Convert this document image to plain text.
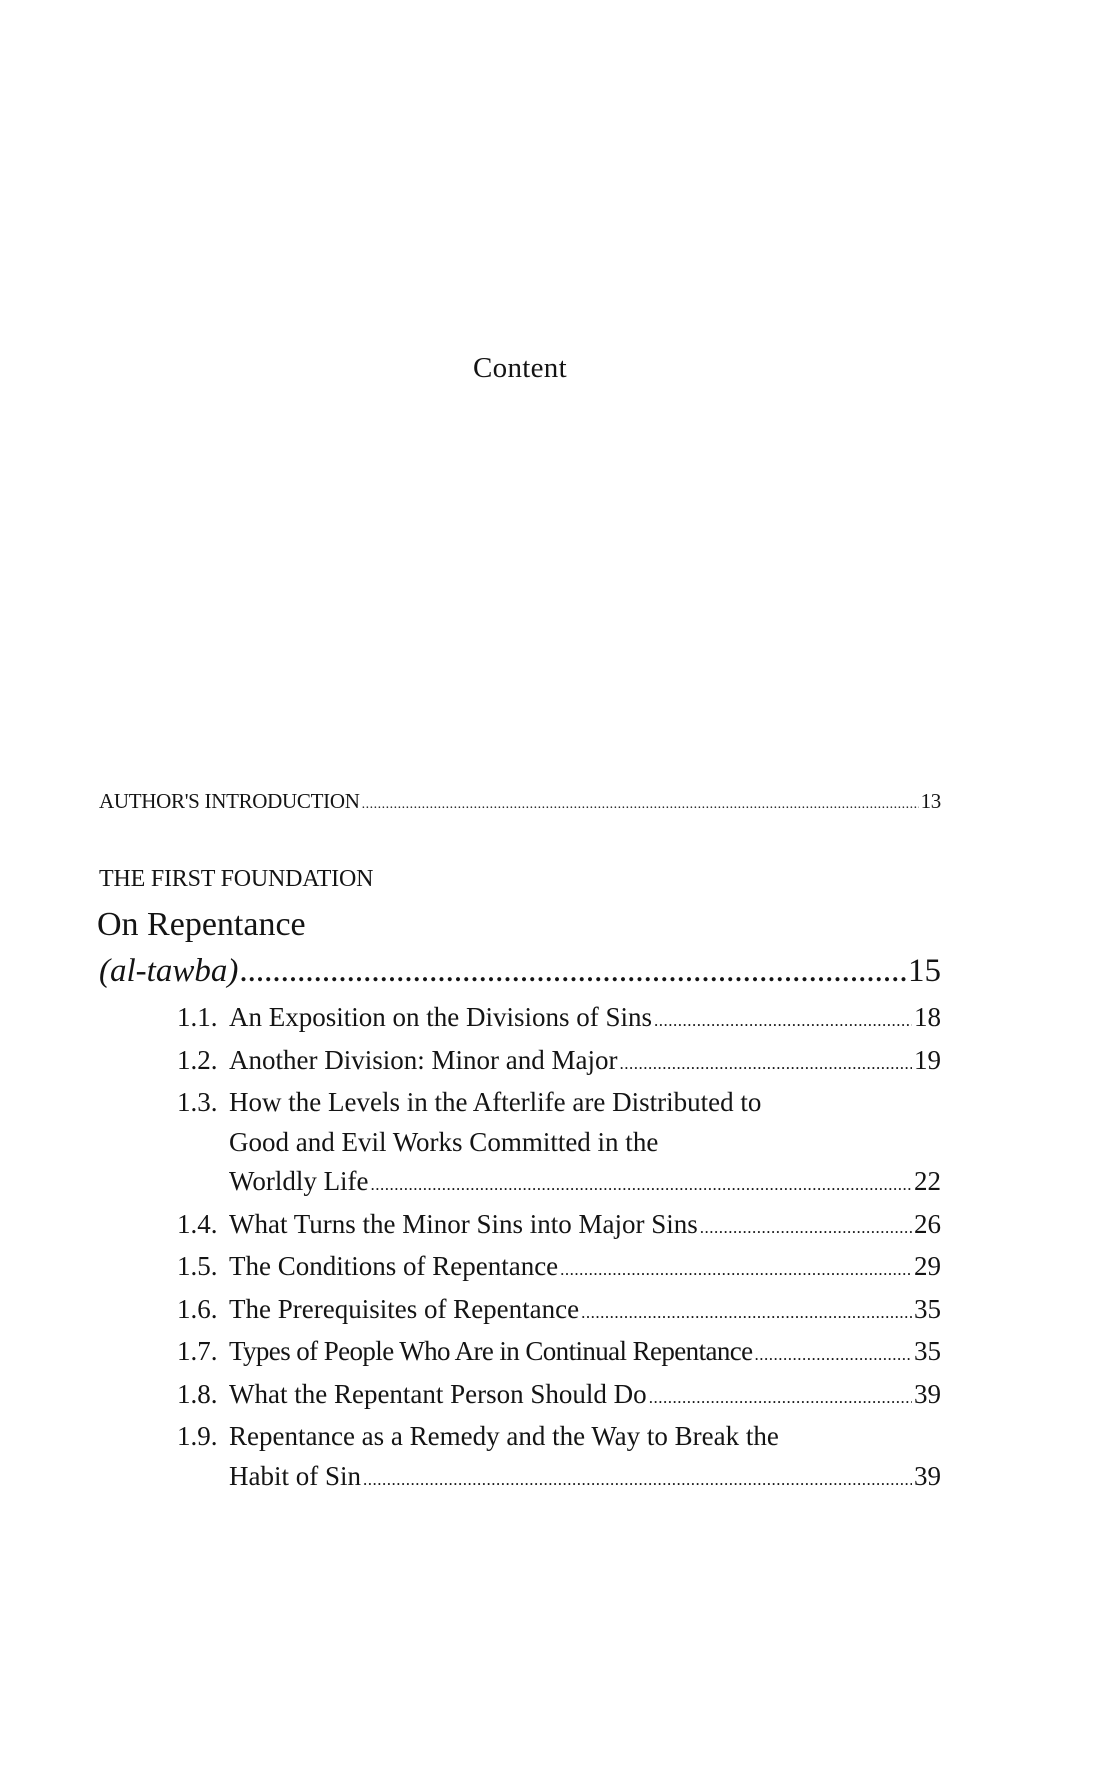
Content
AUTHOR'S INTRODUCTION .....	13
THE FIRST FOUNDATION
On Repentance
(al-tawba) .....	15
1.1. An Exposition on the Divisions of Sins .....	18
1.2. Another Division: Minor and Major .....	19
1.3. How the Levels in the Afterlife are Distributed to
Good and Evil Works Committed in the
Worldly Life .....	22
1.4. What Turns the Minor Sins into Major Sins .....	26
1.5. The Conditions of Repentance .....	29
1.6. The Prerequisites of Repentance .....	35
1.7. Types of People Who Are in Continual Repentance .....	35
1.8. What the Repentant Person Should Do .....	39
1.9. Repentance as a Remedy and the Way to Break the
Habit of Sin .....	39
